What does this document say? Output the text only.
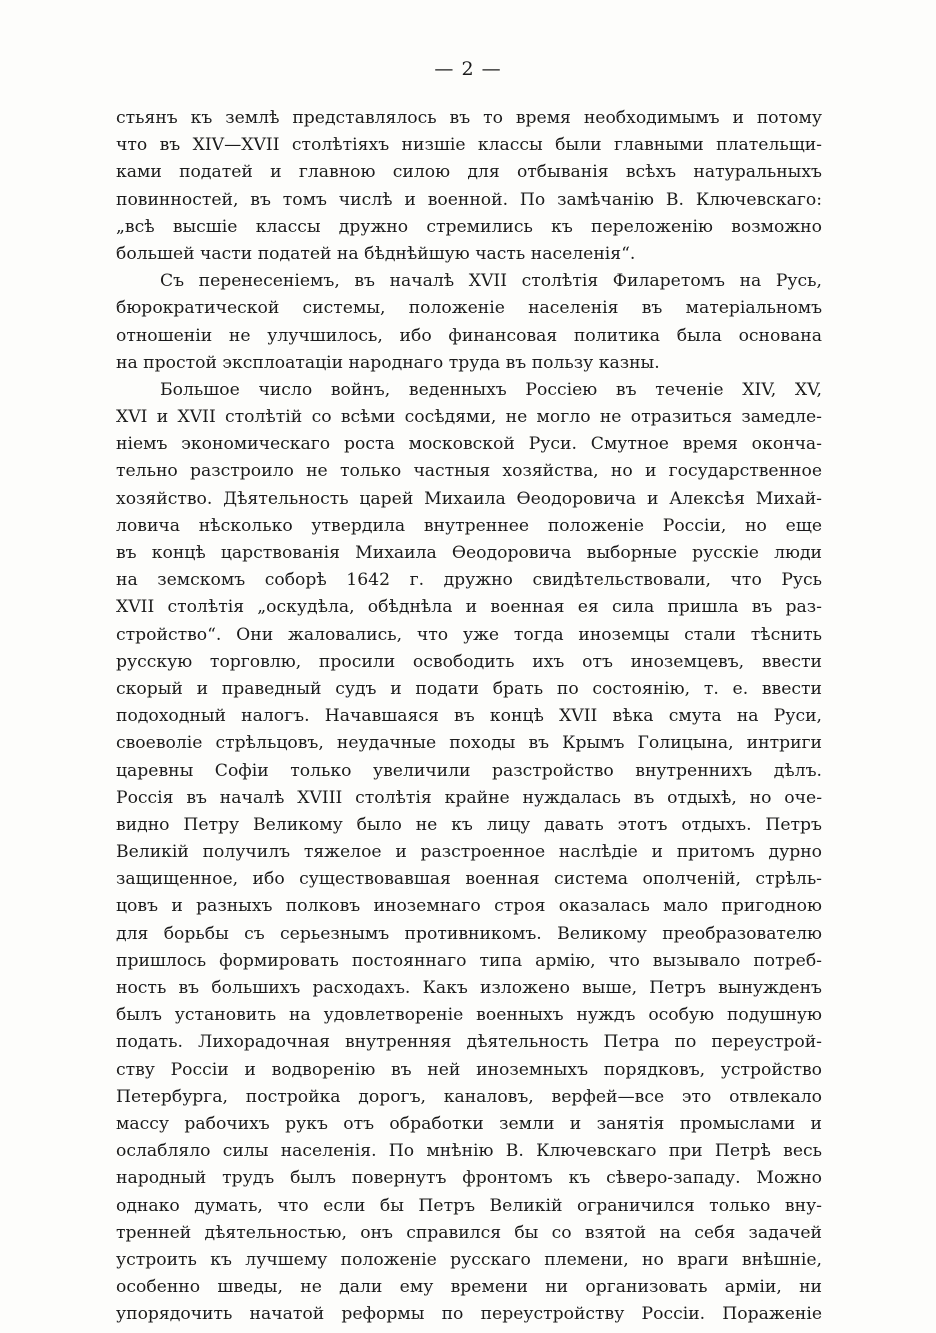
— 2 —
стьянъ къ землѣ представлялось въ то время необходимымъ и потому
что въ XIV—XVII столѣтіяхъ низшіе классы были главными плательщи-
ками податей и главною силою для отбыванія всѣхъ натуральныхъ
повинностей, въ томъ числѣ и военной. По замѣчанію В. Ключевскаго:
„всѣ высшіе классы дружно стремились къ переложенію возможно
большей части податей на бѣднѣйшую часть населенія“.
Съ перенесеніемъ, въ началѣ XVII столѣтія Филаретомъ на Русь,
бюрократической системы, положеніе населенія въ матеріальномъ
отношеніи не улучшилось, ибо финансовая политика была основана
на простой эксплоатаціи народнаго труда въ пользу казны.
Большое число войнъ, веденныхъ Россіею въ теченіе XIV, XV,
XVI и XVII столѣтій со всѣми сосѣдями, не могло не отразиться замедле-
ніемъ экономическаго роста московской Руси. Смутное время оконча-
тельно разстроило не только частныя хозяйства, но и государственное
хозяйство. Дѣятельность царей Михаила Ѳеодоровича и Алексѣя Михай-
ловича нѣсколько утвердила внутреннее положеніе Россіи, но еще
въ концѣ царствованія Михаила Ѳеодоровича выборные русскіе люди
на земскомъ соборѣ 1642 г. дружно свидѣтельствовали, что Русь
XVII столѣтія „оскудѣла, обѣднѣла и военная ея сила пришла въ раз-
стройство“. Они жаловались, что уже тогда иноземцы стали тѣснить
русскую торговлю, просили освободить ихъ отъ иноземцевъ, ввести
скорый и праведный судъ и подати брать по состоянію, т. е. ввести
подоходный налогъ. Начавшаяся въ концѣ XVII вѣка смута на Руси,
своеволіе стрѣльцовъ, неудачные походы въ Крымъ Голицына, интриги
царевны Софіи только увеличили разстройство внутреннихъ дѣлъ.
Россія въ началѣ XVIII столѣтія крайне нуждалась въ отдыхѣ, но оче-
видно Петру Великому было не къ лицу давать этотъ отдыхъ. Петръ
Великій получилъ тяжелое и разстроенное наслѣдіе и притомъ дурно
защищенное, ибо существовавшая военная система ополченій, стрѣль-
цовъ и разныхъ полковъ иноземнаго строя оказалась мало пригодною
для борьбы съ серьезнымъ противникомъ. Великому преобразователю
пришлось формировать постояннаго типа армію, что вызывало потреб-
ность въ большихъ расходахъ. Какъ изложено выше, Петръ вынужденъ
былъ установить на удовлетвореніе военныхъ нуждъ особую подушную
подать. Лихорадочная внутренняя дѣятельность Петра по переустрой-
ству Россіи и водворенію въ ней иноземныхъ порядковъ, устройство
Петербурга, постройка дорогъ, каналовъ, верфей—все это отвлекало
массу рабочихъ рукъ отъ обработки земли и занятія промыслами и
ослабляло силы населенія. По мнѣнію В. Ключевскаго при Петрѣ весь
народный трудъ былъ повернутъ фронтомъ къ сѣверо-западу. Можно
однако думать, что если бы Петръ Великій ограничился только вну-
тренней дѣятельностью, онъ справился бы со взятой на себя задачей
устроить къ лучшему положеніе русскаго племени, но враги внѣшніе,
особенно шведы, не дали ему времени ни организовать арміи, ни
упорядочить начатой реформы по переустройству Россіи. Пораженіе
